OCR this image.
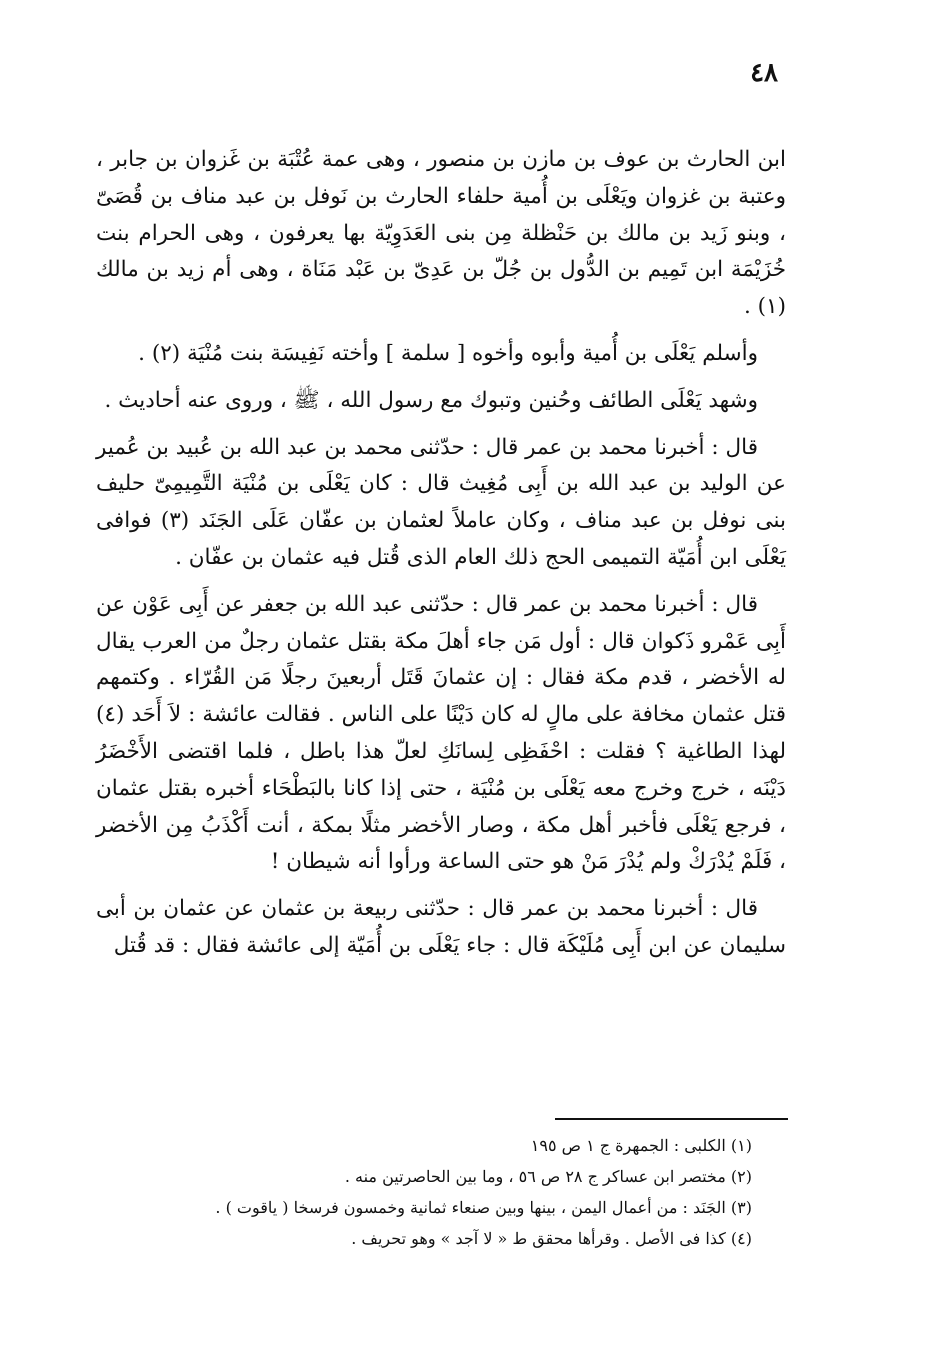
٤٨

ابن الحارث بن عوف بن مازن بن منصور ، وهى عمة عُتْبَة بن غَزوان بن جابر ، وعتبة بن غزوان ويَعْلَى بن أُمية حلفاء الحارث بن نَوفل بن عبد مناف بن قُصَىّ ، وبنو زَيد بن مالك بن حَنْظلة مِن بنى العَدَوِيّة بها يعرفون ، وهى الحرام بنت خُزَيْمَة ابن تَمِيم بن الدُّول بن جُلّ بن عَدِىّ بن عَبْد مَنَاة ، وهى أم زيد بن مالك (١) .

وأسلم يَعْلَى بن أُمية وأبوه وأخوه [ سلمة ] وأخته نَفِيسَة بنت مُنْيَة (٢) .

وشهد يَعْلَى الطائف وحُنين وتبوك مع رسول الله ، ﷺ ، وروى عنه أحاديث .

قال : أخبرنا محمد بن عمر قال : حدّثنى محمد بن عبد الله بن عُبيد بن عُمير عن الوليد بن عبد الله بن أَبِى مُغِيث قال : كان يَعْلَى بن مُنْيَة التَّمِيمِىّ حليف بنى نوفل بن عبد مناف ، وكان عاملاً لعثمان بن عفّان عَلَى الجَنَد (٣) فوافى يَعْلَى ابن أُمَيّة التميمى الحج ذلك العام الذى قُتل فيه عثمان بن عفّان .

قال : أخبرنا محمد بن عمر قال : حدّثنى عبد الله بن جعفر عن أَبِى عَوْن عن أَبِى عَمْرو ذَكوان قال : أول مَن جاء أهلَ مكة بقتل عثمان رجلٌ من العرب يقال له الأخضر ، قدم مكة فقال : إن عثمانَ قَتَل أربعينَ رجلًا مَن القُرّاء . وكتمهم قتل عثمان مخافة على مالٍ له كان دَيْنًا على الناس . فقالت عائشة : لاَ أَحَد (٤) لهذا الطاغية ؟ فقلت : احْفَظِى لِسانَكِ لعلّ هذا باطل ، فلما اقتضى الأَخْضَرُ دَيْنَه ، خرج وخرج معه يَعْلَى بن مُنْيَة ، حتى إذا كانا بالبَطْحَاء أخبره بقتل عثمان ، فرجع يَعْلَى فأخبر أهل مكة ، وصار الأخضر مثلًا بمكة ، أنت أَكْذَبُ مِن الأخضر ، فَلَمْ يُدْرَكْ ولم يُدْرَ مَنْ هو حتى الساعة ورأوا أنه شيطان !

قال : أخبرنا محمد بن عمر قال : حدّثنى ربيعة بن عثمان عن عثمان بن أبى سليمان عن ابن أَبِى مُلَيْكَة قال : جاء يَعْلَى بن أُمَيّة إلى عائشة فقال : قد قُتل

(١) الكلبى : الجمهرة ج ١ ص ١٩٥

(٢) مختصر ابن عساكر ج ٢٨ ص ٥٦ ، وما بين الحاصرتين منه .

(٣) الجَنَد : من أعمال اليمن ، بينها وبين صنعاء ثمانية وخمسون فرسخا ( ياقوت ) .

(٤) كذا فى الأصل . وقرأها محقق ط « لا آجد » وهو تحريف .
